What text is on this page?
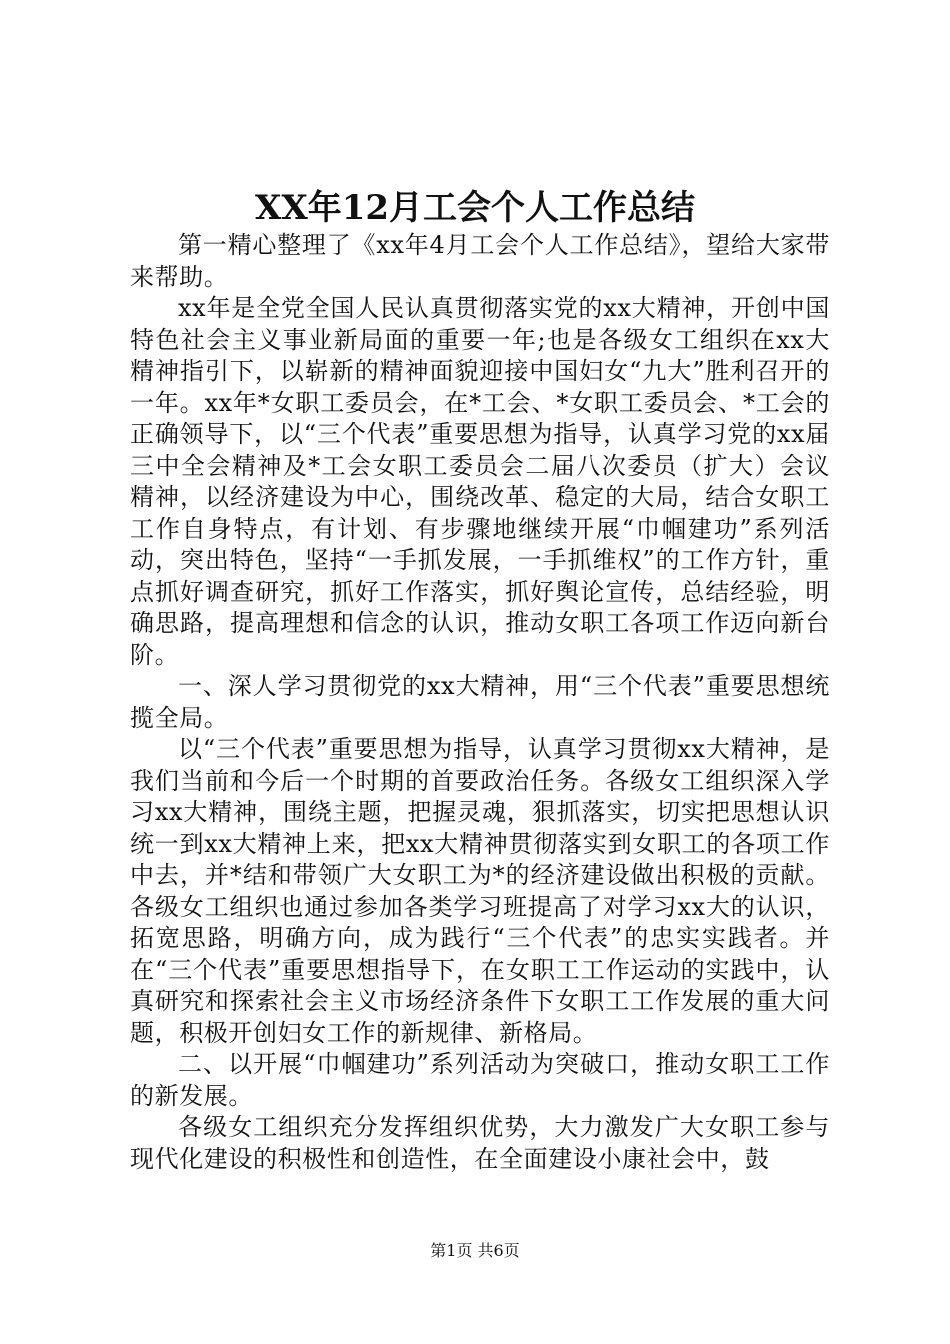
XX年12月工会个人工作总结

第一精心整理了《xx年4月工会个人工作总结》，望给大家带来帮助。

xx年是全党全国人民认真贯彻落实党的xx大精神，开创中国特色社会主义事业新局面的重要一年;也是各级女工组织在xx大精神指引下，以崭新的精神面貌迎接中国妇女“九大”胜利召开的一年。xx年*女职工委员会，在*工会、*女职工委员会、*工会的正确领导下，以“三个代表”重要思想为指导，认真学习党的xx届三中全会精神及*工会女职工委员会二届八次委员（扩大）会议精神，以经济建设为中心，围绕改革、稳定的大局，结合女职工工作自身特点，有计划、有步骤地继续开展“巾帼建功”系列活动，突出特色，坚持“一手抓发展，一手抓维权”的工作方针，重点抓好调查研究，抓好工作落实，抓好舆论宣传，总结经验，明确思路，提高理想和信念的认识，推动女职工各项工作迈向新台阶。

一、深人学习贯彻党的xx大精神，用“三个代表”重要思想统揽全局。

以“三个代表”重要思想为指导，认真学习贯彻xx大精神，是我们当前和今后一个时期的首要政治任务。各级女工组织深入学习xx大精神，围绕主题，把握灵魂，狠抓落实，切实把思想认识统一到xx大精神上来，把xx大精神贯彻落实到女职工的各项工作中去，并*结和带领广大女职工为*的经济建设做出积极的贡献。各级女工组织也通过参加各类学习班提高了对学习xx大的认识，拓宽思路，明确方向，成为践行“三个代表”的忠实实践者。并在“三个代表”重要思想指导下，在女职工工作运动的实践中，认真研究和探索社会主义市场经济条件下女职工工作发展的重大问题，积极开创妇女工作的新规律、新格局。

二、以开展“巾帼建功”系列活动为突破口，推动女职工工作的新发展。

各级女工组织充分发挥组织优势，大力激发广大女职工参与现代化建设的积极性和创造性，在全面建设小康社会中，鼓

第1页 共6页
